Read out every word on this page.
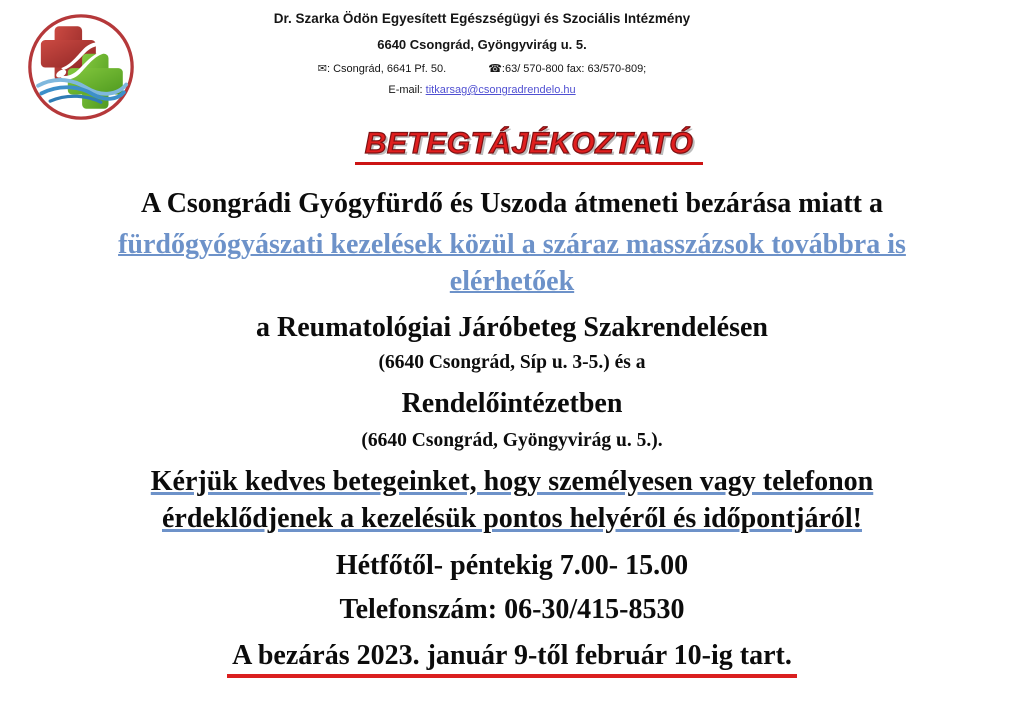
Dr. Szarka Ödön Egyesített Egészségügyi és Szociális Intézmény
6640 Csongrád, Gyöngyvirág u. 5.
✉: Csongrád, 6641 Pf. 50.	☎:63/ 570-800 fax: 63/570-809;
E-mail: titkarsag@csongradrendelo.hu
BETEGTÁJÉKOZTATÓ
A Csongrádi Gyógyfürdő és Uszoda átmeneti bezárása miatt a
fürdőgyógyászati kezelések közül a száraz masszázsok továbbra is elérhetőek
a Reumatológiai Járóbeteg Szakrendelésen
(6640 Csongrád, Síp u. 3-5.) és a
Rendelőintézetben
(6640 Csongrád, Gyöngyvirág u. 5.).
Kérjük kedves betegeinket, hogy személyesen vagy telefonon érdeklődjenek a kezelésük pontos helyéről és időpontjáról!
Hétfőtől- péntekig 7.00- 15.00
Telefonszám: 06-30/415-8530
A bezárás 2023. január 9-től február 10-ig tart.
